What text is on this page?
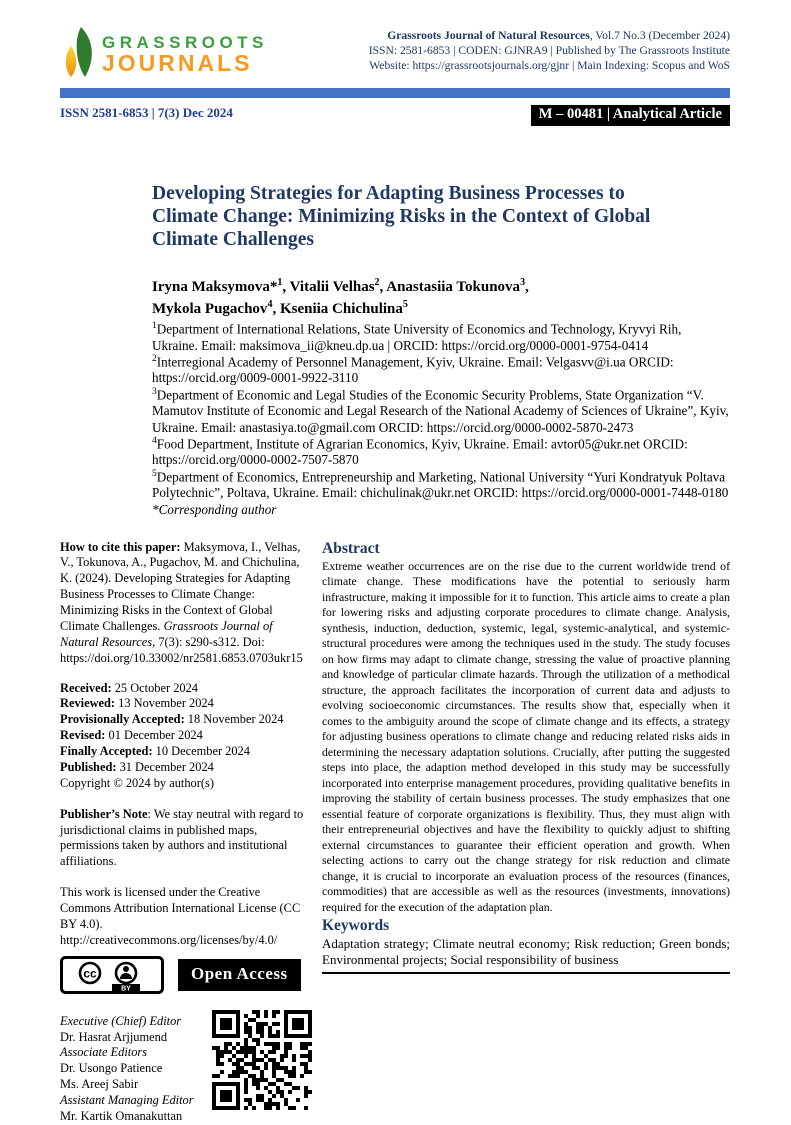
GRASSROOTS
JOURNALS
Grassroots Journal of Natural Resources, Vol.7 No.3 (December 2024)
ISSN: 2581-6853 | CODEN: GJNRA9 | Published by The Grassroots Institute
Website: https://grassrootsjournals.org/gjnr | Main Indexing: Scopus and WoS
ISSN 2581-6853 | 7(3) Dec 2024	M – 00481 | Analytical Article
Developing Strategies for Adapting Business Processes to Climate Change: Minimizing Risks in the Context of Global Climate Challenges
Iryna Maksymova*$^1$, Vitalii Velhas$^2$, Anastasiia Tokunova$^3$,
Mykola Pugachov$^4$, Kseniia Chichulina$^5$
$^1$Department of International Relations, State University of Economics and Technology, Kryvyi Rih, Ukraine. Email: maksimova_ii@kneu.dp.ua | ORCID: https://orcid.org/0000-0001-9754-0414
$^2$Interregional Academy of Personnel Management, Kyiv, Ukraine. Email: Velgasvv@i.ua ORCID: https://orcid.org/0009-0001-9922-3110
$^3$Department of Economic and Legal Studies of the Economic Security Problems, State Organization “V. Mamutov Institute of Economic and Legal Research of the National Academy of Sciences of Ukraine”, Kyiv, Ukraine. Email: anastasiya.to@gmail.com ORCID: https://orcid.org/0000-0002-5870-2473
$^4$Food Department, Institute of Agrarian Economics, Kyiv, Ukraine. Email: avtor05@ukr.net ORCID: https://orcid.org/0000-0002-7507-5870
$^5$Department of Economics, Entrepreneurship and Marketing, National University “Yuri Kondratyuk Poltava Polytechnic”, Poltava, Ukraine. Email: chichulinak@ukr.net ORCID: https://orcid.org/0000-0001-7448-0180
*Corresponding author

How to cite this paper: Maksymova, I., Velhas, V., Tokunova, A., Pugachov, M. and Chichulina, K. (2024). Developing Strategies for Adapting Business Processes to Climate Change: Minimizing Risks in the Context of Global Climate Challenges. Grassroots Journal of Natural Resources, 7(3): s290-s312. Doi: https://doi.org/10.33002/nr2581.6853.0703ukr15

Received: 25 October 2024
Reviewed: 13 November 2024
Provisionally Accepted: 18 November 2024
Revised: 01 December 2024
Finally Accepted: 10 December 2024
Published: 31 December 2024
Copyright © 2024 by author(s)

Publisher’s Note: We stay neutral with regard to jurisdictional claims in published maps, permissions taken by authors and institutional affiliations.

This work is licensed under the Creative Commons Attribution International License (CC BY 4.0). http://creativecommons.org/licenses/by/4.0/

cc
BY
Open Access
Executive (Chief) Editor
Dr. Hasrat Arjjumend
Associate Editors
Dr. Usongo Patience
Ms. Areej Sabir
Assistant Managing Editor
Mr. Kartik Omanakuttan
Abstract

Extreme weather occurrences are on the rise due to the current worldwide trend of climate change. These modifications have the potential to seriously harm infrastructure, making it impossible for it to function. This article aims to create a plan for lowering risks and adjusting corporate procedures to climate change. Analysis, synthesis, induction, deduction, systemic, legal, systemic-analytical, and systemic-structural procedures were among the techniques used in the study. The study focuses on how firms may adapt to climate change, stressing the value of proactive planning and knowledge of particular climate hazards. Through the utilization of a methodical structure, the approach facilitates the incorporation of current data and adjusts to evolving socioeconomic circumstances. The results show that, especially when it comes to the ambiguity around the scope of climate change and its effects, a strategy for adjusting business operations to climate change and reducing related risks aids in determining the necessary adaptation solutions. Crucially, after putting the suggested steps into place, the adaption method developed in this study may be successfully incorporated into enterprise management procedures, providing qualitative benefits in improving the stability of certain business processes. The study emphasizes that one essential feature of corporate organizations is flexibility. Thus, they must align with their entrepreneurial objectives and have the flexibility to quickly adjust to shifting external circumstances to guarantee their efficient operation and growth. When selecting actions to carry out the change strategy for risk reduction and climate change, it is crucial to incorporate an evaluation process of the resources (finances, commodities) that are accessible as well as the resources (investments, innovations) required for the execution of the adaptation plan.

Keywords

Adaptation strategy; Climate neutral economy; Risk reduction; Green bonds; Environmental projects; Social responsibility of business
